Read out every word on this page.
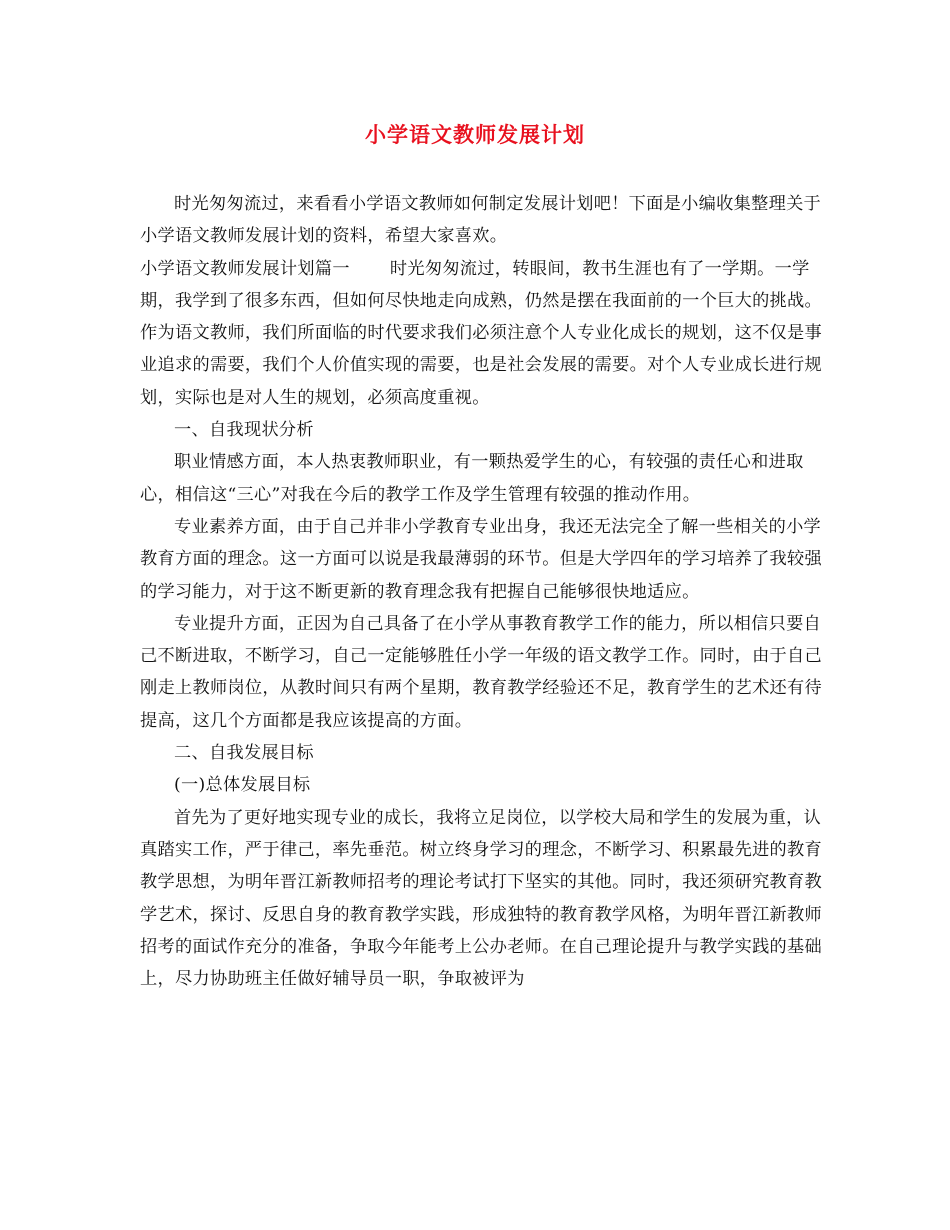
小学语文教师发展计划

时光匆匆流过，来看看小学语文教师如何制定发展计划吧！下面是小编收集整理关于小学语文教师发展计划的资料，希望大家喜欢。

小学语文教师发展计划篇一 时光匆匆流过，转眼间，教书生涯也有了一学期。一学期，我学到了很多东西，但如何尽快地走向成熟，仍然是摆在我面前的一个巨大的挑战。作为语文教师，我们所面临的时代要求我们必须注意个人专业化成长的规划，这不仅是事业追求的需要，我们个人价值实现的需要，也是社会发展的需要。对个人专业成长进行规划，实际也是对人生的规划，必须高度重视。

一、自我现状分析

职业情感方面，本人热衷教师职业，有一颗热爱学生的心，有较强的责任心和进取心，相信这“三心”对我在今后的教学工作及学生管理有较强的推动作用。

专业素养方面，由于自己并非小学教育专业出身，我还无法完全了解一些相关的小学教育方面的理念。这一方面可以说是我最薄弱的环节。但是大学四年的学习培养了我较强的学习能力，对于这不断更新的教育理念我有把握自己能够很快地适应。

专业提升方面，正因为自己具备了在小学从事教育教学工作的能力，所以相信只要自己不断进取，不断学习，自己一定能够胜任小学一年级的语文教学工作。同时，由于自己刚走上教师岗位，从教时间只有两个星期，教育教学经验还不足，教育学生的艺术还有待提高，这几个方面都是我应该提高的方面。

二、自我发展目标

(一)总体发展目标

首先为了更好地实现专业的成长，我将立足岗位，以学校大局和学生的发展为重，认真踏实工作，严于律己，率先垂范。树立终身学习的理念，不断学习、积累最先进的教育教学思想，为明年晋江新教师招考的理论考试打下坚实的其他。同时，我还须研究教育教学艺术，探讨、反思自身的教育教学实践，形成独特的教育教学风格，为明年晋江新教师招考的面试作充分的准备，争取今年能考上公办老师。在自己理论提升与教学实践的基础上，尽力协助班主任做好辅导员一职，争取被评为
